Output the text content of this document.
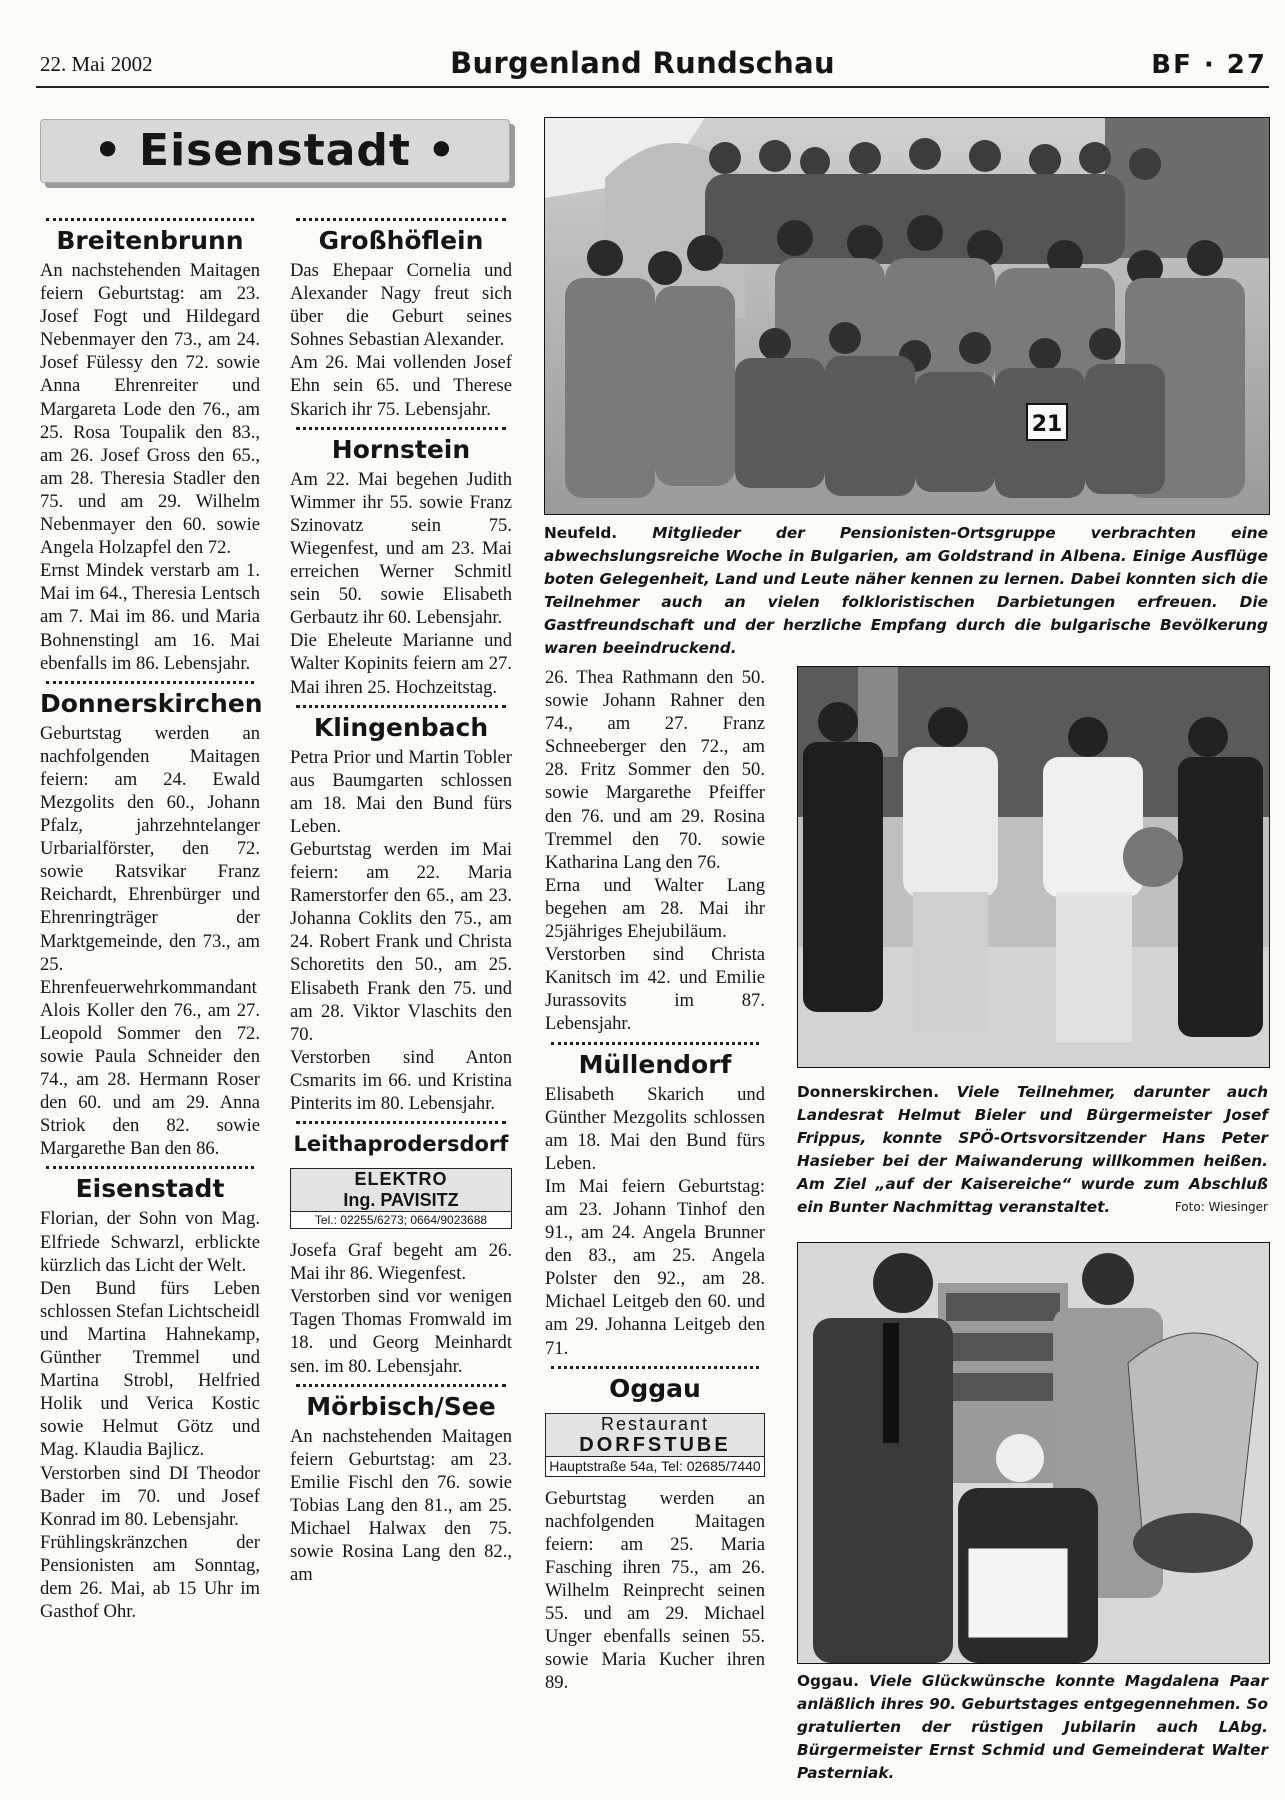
22. Mai 2002	Burgenland Rundschau	BF · 27
• Eisenstadt •
Breitenbrunn

An nachstehenden Maitagen feiern Geburtstag: am 23. Josef Fogt und Hildegard Nebenmayer den 73., am 24. Josef Fülessy den 72. sowie Anna Ehrenreiter und Margareta Lode den 76., am 25. Rosa Toupalik den 83., am 26. Josef Gross den 65., am 28. Theresia Stadler den 75. und am 29. Wilhelm Nebenmayer den 60. sowie Angela Holzapfel den 72.

Ernst Mindek verstarb am 1. Mai im 64., Theresia Lentsch am 7. Mai im 86. und Maria Bohnenstingl am 16. Mai ebenfalls im 86. Lebensjahr.

Donnerskirchen

Geburtstag werden an nachfolgenden Maitagen feiern: am 24. Ewald Mezgolits den 60., Johann Pfalz, jahrzehntelanger Urbarialförster, den 72. sowie Ratsvikar Franz Reichardt, Ehrenbürger und Ehrenringträger der Marktgemeinde, den 73., am 25. Ehrenfeuerwehrkommandant Alois Koller den 76., am 27. Leopold Sommer den 72. sowie Paula Schneider den 74., am 28. Hermann Roser den 60. und am 29. Anna Striok den 82. sowie Margarethe Ban den 86.

Eisenstadt

Florian, der Sohn von Mag. Elfriede Schwarzl, erblickte kürzlich das Licht der Welt.

Den Bund fürs Leben schlossen Stefan Lichtscheidl und Martina Hahnekamp, Günther Tremmel und Martina Strobl, Helfried Holik und Verica Kostic sowie Helmut Götz und Mag. Klaudia Bajlicz.

Verstorben sind DI Theodor Bader im 70. und Josef Konrad im 80. Lebensjahr.

Frühlingskränzchen der Pensionisten am Sonntag, dem 26. Mai, ab 15 Uhr im Gasthof Ohr.

Großhöflein

Das Ehepaar Cornelia und Alexander Nagy freut sich über die Geburt seines Sohnes Sebastian Alexander.

Am 26. Mai vollenden Josef Ehn sein 65. und Therese Skarich ihr 75. Lebensjahr.

Hornstein

Am 22. Mai begehen Judith Wimmer ihr 55. sowie Franz Szinovatz sein 75. Wiegenfest, und am 23. Mai erreichen Werner Schmitl sein 50. sowie Elisabeth Gerbautz ihr 60. Lebensjahr.

Die Eheleute Marianne und Walter Kopinits feiern am 27. Mai ihren 25. Hochzeitstag.

Klingenbach

Petra Prior und Martin Tobler aus Baumgarten schlossen am 18. Mai den Bund fürs Leben.

Geburtstag werden im Mai feiern: am 22. Maria Ramerstorfer den 65., am 23. Johanna Coklits den 75., am 24. Robert Frank und Christa Schoretits den 50., am 25. Elisabeth Frank den 75. und am 28. Viktor Vlaschits den 70.

Verstorben sind Anton Csmarits im 66. und Kristina Pinterits im 80. Lebensjahr.

Leithaprodersdorf
ELEKTRO
Ing. PAVISITZ
Tel.: 02255/6273; 0664/9023688

Josefa Graf begeht am 26. Mai ihr 86. Wiegenfest.

Verstorben sind vor wenigen Tagen Thomas Fromwald im 18. und Georg Meinhardt sen. im 80. Lebensjahr.

Mörbisch/See

An nachstehenden Maitagen feiern Geburtstag: am 23. Emilie Fischl den 76. sowie Tobias Lang den 81., am 25. Michael Halwax den 75. sowie Rosina Lang den 82., am

26. Thea Rathmann den 50. sowie Johann Rahner den 74., am 27. Franz Schneeberger den 72., am 28. Fritz Sommer den 50. sowie Margarethe Pfeiffer den 76. und am 29. Rosina Tremmel den 70. sowie Katharina Lang den 76.

Erna und Walter Lang begehen am 28. Mai ihr 25jähriges Ehejubiläum.

Verstorben sind Christa Kanitsch im 42. und Emilie Jurassovits im 87. Lebensjahr.

Müllendorf

Elisabeth Skarich und Günther Mezgolits schlossen am 18. Mai den Bund fürs Leben.

Im Mai feiern Geburtstag: am 23. Johann Tinhof den 91., am 24. Angela Brunner den 83., am 25. Angela Polster den 92., am 28. Michael Leitgeb den 60. und am 29. Johanna Leitgeb den 71.

Oggau
Restaurant
DORFSTUBE
Hauptstraße 54a, Tel: 02685/7440

Geburtstag werden an nachfolgenden Maitagen feiern: am 25. Maria Fasching ihren 75., am 26. Wilhelm Reinprecht seinen 55. und am 29. Michael Unger ebenfalls seinen 55. sowie Maria Kucher ihren 89.

21
Neufeld. Mitglieder der Pensionisten-Ortsgruppe verbrachten eine abwechslungsreiche Woche in Bulgarien, am Goldstrand in Albena. Einige Ausflüge boten Gelegenheit, Land und Leute näher kennen zu lernen. Dabei konnten sich die Teilnehmer auch an vielen folkloristischen Darbietungen erfreuen. Die Gastfreundschaft und der herzliche Empfang durch die bulgarische Bevölkerung waren beeindruckend.
Donnerskirchen. Viele Teilnehmer, darunter auch Landesrat Helmut Bieler und Bürgermeister Josef Frippus, konnte SPÖ-Ortsvorsitzender Hans Peter Hasieber bei der Maiwanderung willkommen heißen. Am Ziel „auf der Kaisereiche“ wurde zum Abschluß ein Bunter Nachmittag veranstaltet.	Foto: Wiesinger
Oggau. Viele Glückwünsche konnte Magdalena Paar anläßlich ihres 90. Geburtstages entgegennehmen. So gratulierten der rüstigen Jubilarin auch LAbg. Bürgermeister Ernst Schmid und Gemeinderat Walter Pasterniak.
